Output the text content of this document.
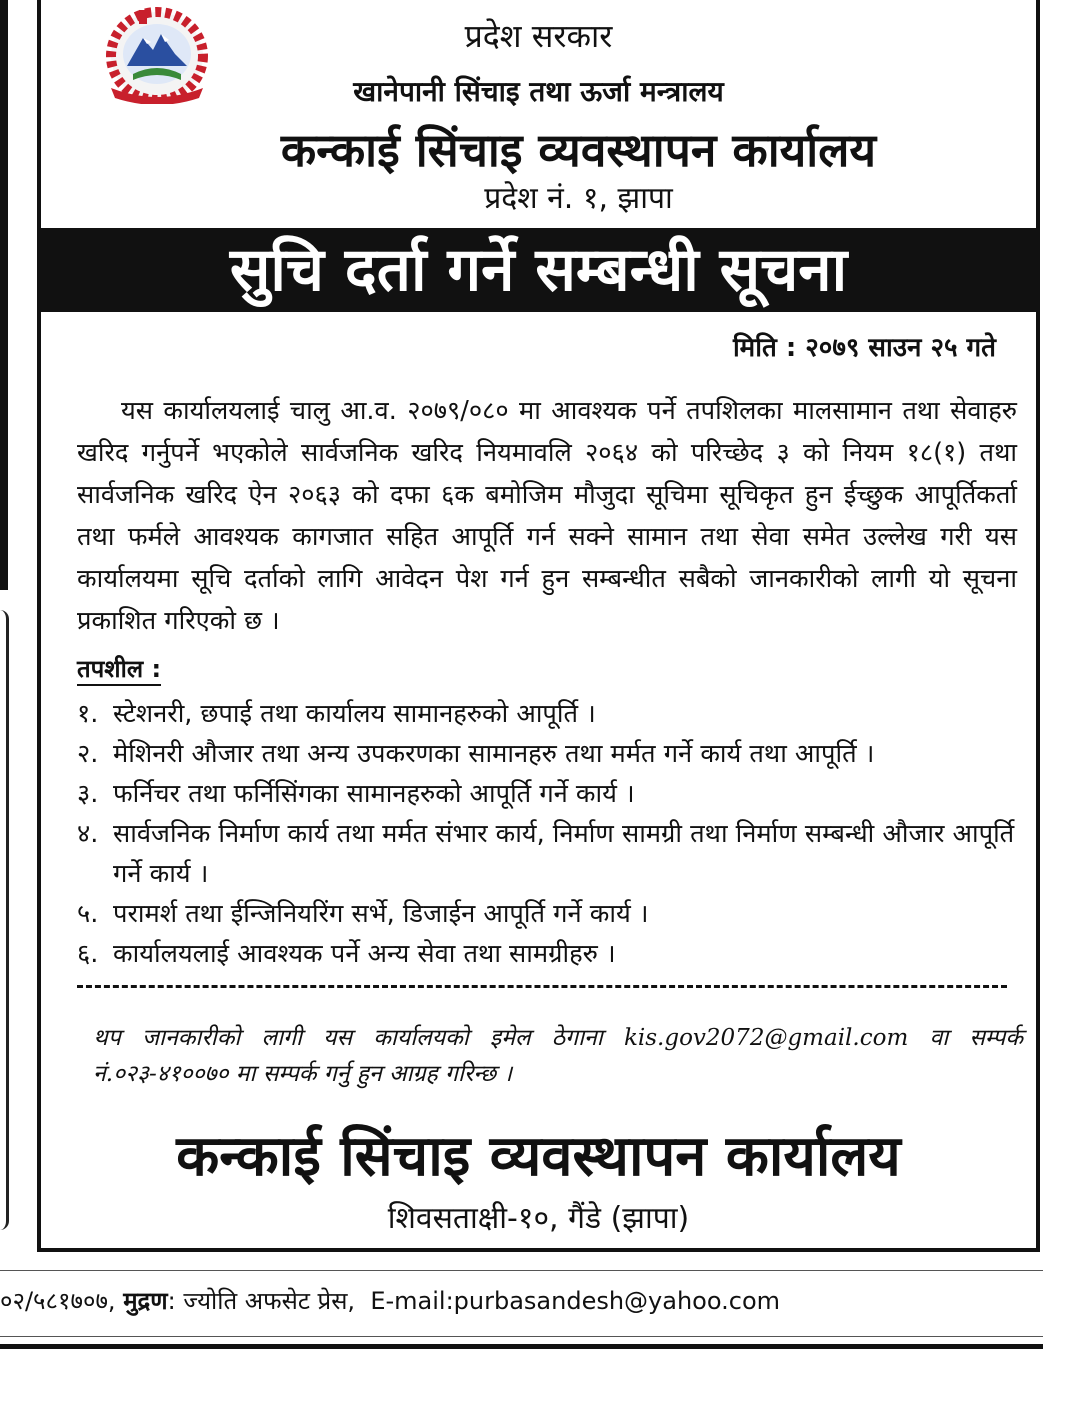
प्रदेश सरकार
खानेपानी सिंचाइ तथा ऊर्जा मन्त्रालय
कन्काई सिंचाइ व्यवस्थापन कार्यालय
प्रदेश नं. १, झापा
सुचि दर्ता गर्ने सम्बन्धी सूचना
मिति : २०७९ साउन २५ गते

यस कार्यालयलाई चालु आ.व. २०७९/०८० मा आवश्यक पर्ने तपशिलका मालसामान तथा सेवाहरु खरिद गर्नुपर्ने भएकोले सार्वजनिक खरिद नियमावलि २०६४ को परिच्छेद ३ को नियम १८(१) तथा सार्वजनिक खरिद ऐन २०६३ को दफा ६क बमोजिम मौजुदा सूचिमा सूचिकृत हुन ईच्छुक आपूर्तिकर्ता तथा फर्मले आवश्यक कागजात सहित आपूर्ति गर्न सक्ने सामान तथा सेवा समेत उल्लेख गरी यस कार्यालयमा सूचि दर्ताको लागि आवेदन पेश गर्न हुन सम्बन्धीत सबैको जानकारीको लागी यो सूचना प्रकाशित गरिएको छ ।

तपशील :
१. स्टेशनरी, छपाई तथा कार्यालय सामानहरुको आपूर्ति ।
२. मेशिनरी औजार तथा अन्य उपकरणका सामानहरु तथा मर्मत गर्ने कार्य तथा आपूर्ति ।
३. फर्निचर तथा फर्निसिंगका सामानहरुको आपूर्ति गर्ने कार्य ।
४. सार्वजनिक निर्माण कार्य तथा मर्मत संभार कार्य, निर्माण सामग्री तथा निर्माण सम्बन्धी औजार आपूर्ति गर्ने कार्य ।
५. परामर्श तथा ईन्जिनियरिंग सर्भे, डिजाईन आपूर्ति गर्ने कार्य ।
६. कार्यालयलाई आवश्यक पर्ने अन्य सेवा तथा सामग्रीहरु ।

थप जानकारीको लागी यस कार्यालयको इमेल ठेगाना kis.gov2072@gmail.com वा सम्पर्क नं.०२३-४१००७० मा सम्पर्क गर्नु हुन आग्रह गरिन्छ ।

कन्काई सिंचाइ व्यवस्थापन कार्यालय
शिवसताक्षी-१०, गैंडे (झापा)
०२/५८१७०७, मुद्रण: ज्योति अफसेट प्रेस, E-mail:purbasandesh@yahoo.com
